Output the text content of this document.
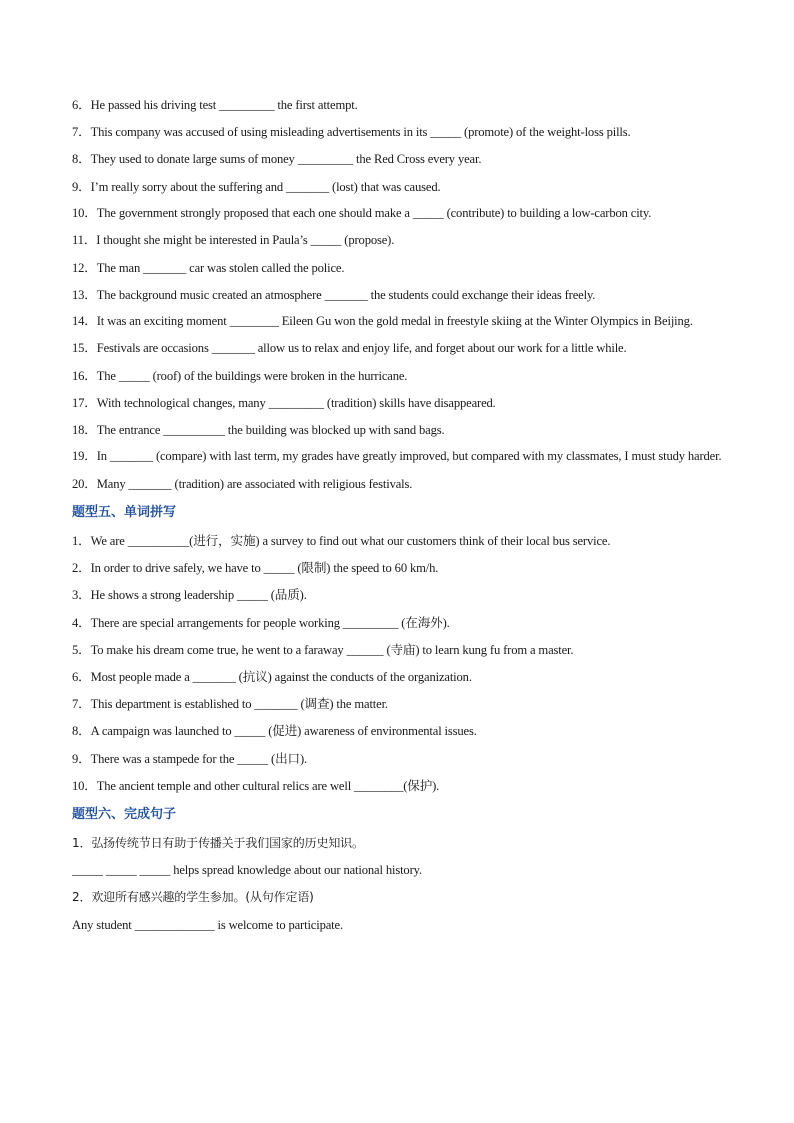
6．He passed his driving test _________ the first attempt.
7．This company was accused of using misleading advertisements in its _____ (promote) of the weight-loss pills.
8．They used to donate large sums of money _________ the Red Cross every year.
9．I’m really sorry about the suffering and _______ (lost) that was caused.
10．The government strongly proposed that each one should make a _____ (contribute) to building a low-carbon city.
11．I thought she might be interested in Paula’s _____ (propose).
12．The man _______ car was stolen called the police.
13．The background music created an atmosphere _______ the students could exchange their ideas freely.
14．It was an exciting moment ________ Eileen Gu won the gold medal in freestyle skiing at the Winter Olympics in Beijing.
15．Festivals are occasions _______ allow us to relax and enjoy life, and forget about our work for a little while.
16．The _____ (roof) of the buildings were broken in the hurricane.
17．With technological changes, many _________ (tradition) skills have disappeared.
18．The entrance __________ the building was blocked up with sand bags.
19．In _______ (compare) with last term, my grades have greatly improved, but compared with my classmates, I must study harder.
20．Many _______ (tradition) are associated with religious festivals.
题型五、单词拼写
1．We are __________(进行，实施) a survey to find out what our customers think of their local bus service.
2．In order to drive safely, we have to _____ (限制) the speed to 60 km/h.
3．He shows a strong leadership _____ (品质).
4．There are special arrangements for people working _________ (在海外).
5．To make his dream come true, he went to a faraway ______ (寺庙) to learn kung fu from a master.
6．Most people made a _______ (抗议) against the conducts of the organization.
7．This department is established to _______ (调查) the matter.
8．A campaign was launched to _____ (促进) awareness of environmental issues.
9．There was a stampede for the _____ (出口).
10．The ancient temple and other cultural relics are well ________(保护).
题型六、完成句子
1．弘扬传统节日有助于传播关于我们国家的历史知识。
_____ _____ _____ helps spread knowledge about our national history.
2．欢迎所有感兴趣的学生参加。(从句作定语)
Any student _____________ is welcome to participate.
